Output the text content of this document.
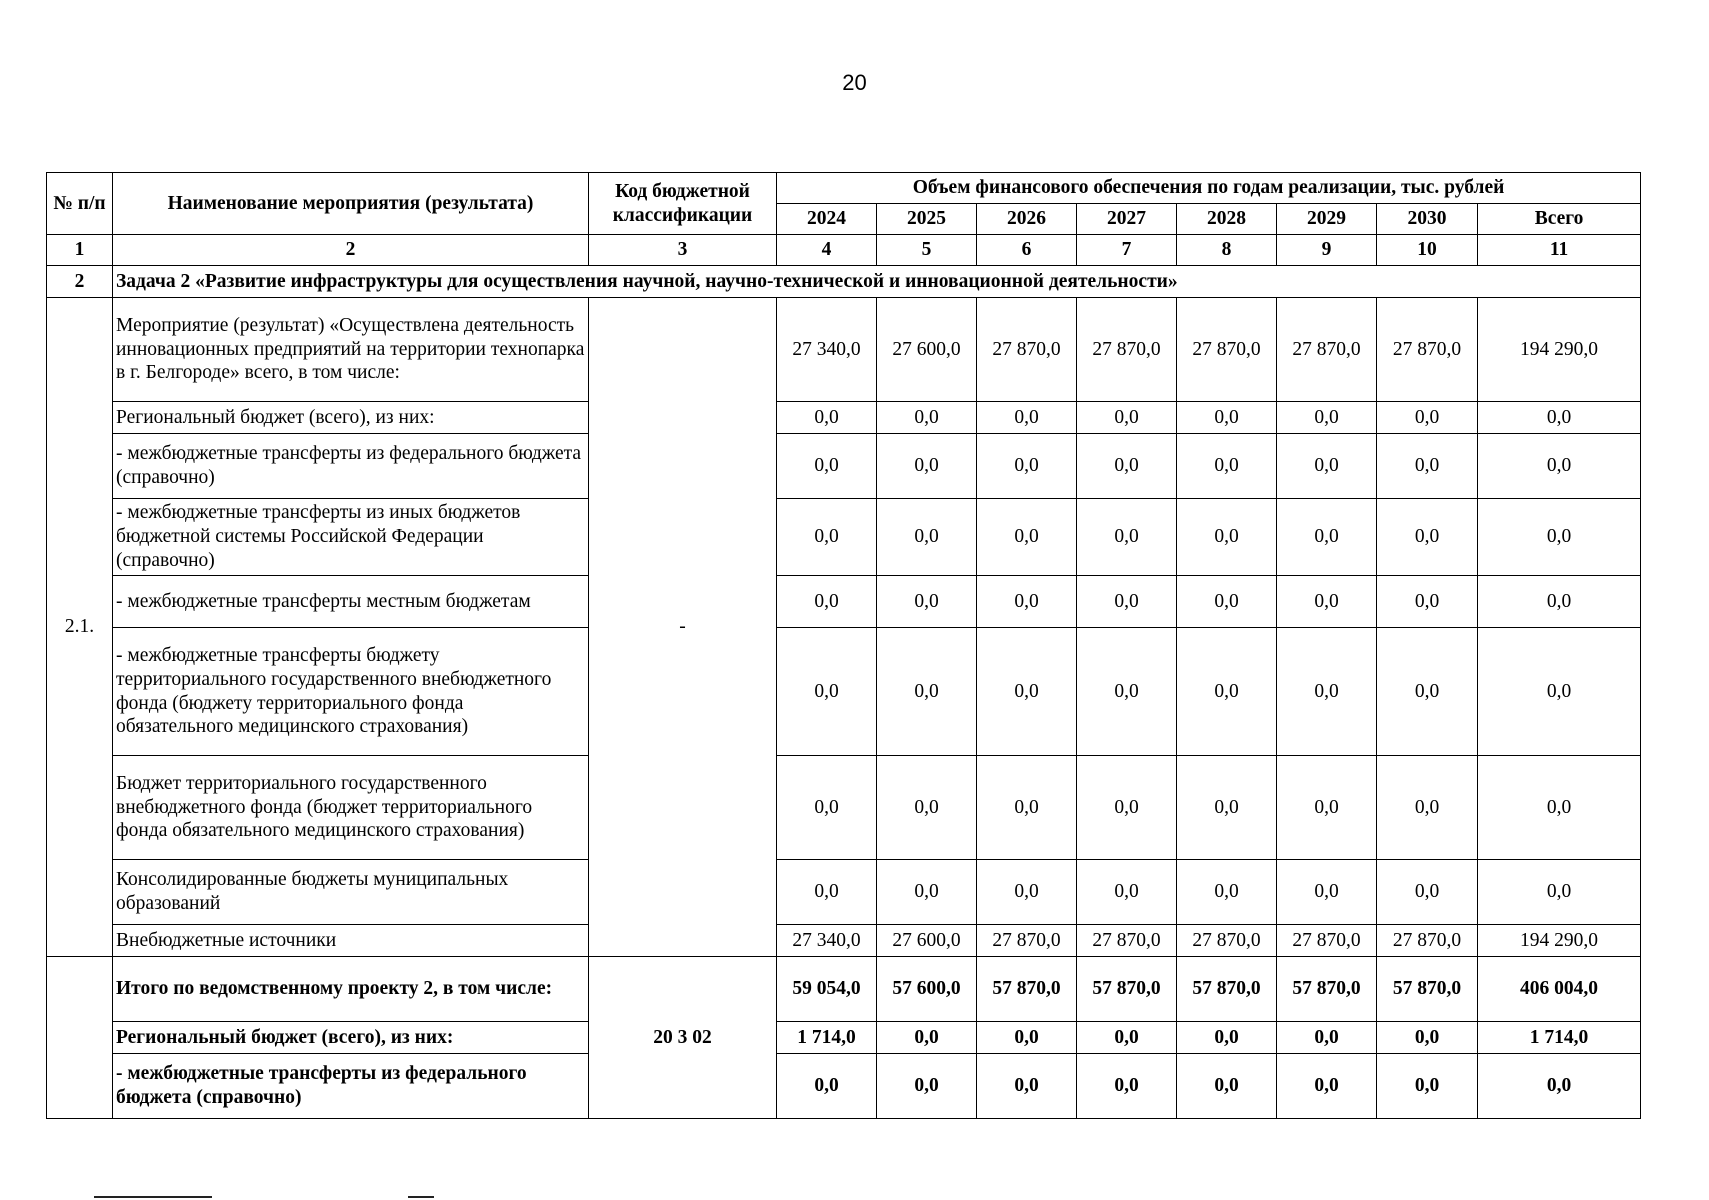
20
№ п/п	Наименование мероприятия (результата)	Код бюджетной классификации	Объем финансового обеспечения по годам реализации, тыс. рублей							
			2024	2025	2026	2027	2028	2029	2030	Всего
1	2	3	4	5	6	7	8	9	10	11
2	Задача 2 «Развитие инфраструктуры для осуществления научной, научно-технической и инновационной деятельности»									
2.1.	Мероприятие (результат) «Осуществлена деятельность инновационных предприятий на территории технопарка в г. Белгороде» всего, в том числе:	-	27 340,0	27 600,0	27 870,0	27 870,0	27 870,0	27 870,0	27 870,0	194 290,0
	Региональный бюджет (всего), из них:		0,0	0,0	0,0	0,0	0,0	0,0	0,0	0,0
	- межбюджетные трансферты из федерального бюджета (справочно)		0,0	0,0	0,0	0,0	0,0	0,0	0,0	0,0
	- межбюджетные трансферты из иных бюджетов бюджетной системы Российской Федерации (справочно)		0,0	0,0	0,0	0,0	0,0	0,0	0,0	0,0
	- межбюджетные трансферты местным бюджетам		0,0	0,0	0,0	0,0	0,0	0,0	0,0	0,0
	- межбюджетные трансферты бюджету территориального государственного внебюджетного фонда (бюджету территориального фонда обязательного медицинского страхования)		0,0	0,0	0,0	0,0	0,0	0,0	0,0	0,0
	Бюджет территориального государственного внебюджетного фонда (бюджет территориального фонда обязательного медицинского страхования)		0,0	0,0	0,0	0,0	0,0	0,0	0,0	0,0
	Консолидированные бюджеты муниципальных образований		0,0	0,0	0,0	0,0	0,0	0,0	0,0	0,0
	Внебюджетные источники		27 340,0	27 600,0	27 870,0	27 870,0	27 870,0	27 870,0	27 870,0	194 290,0
	Итого по ведомственному проекту 2, в том числе:	20 3 02	59 054,0	57 600,0	57 870,0	57 870,0	57 870,0	57 870,0	57 870,0	406 004,0
	Региональный бюджет (всего), из них:		1 714,0	0,0	0,0	0,0	0,0	0,0	0,0	1 714,0
	- межбюджетные трансферты из федерального бюджета (справочно)		0,0	0,0	0,0	0,0	0,0	0,0	0,0	0,0
